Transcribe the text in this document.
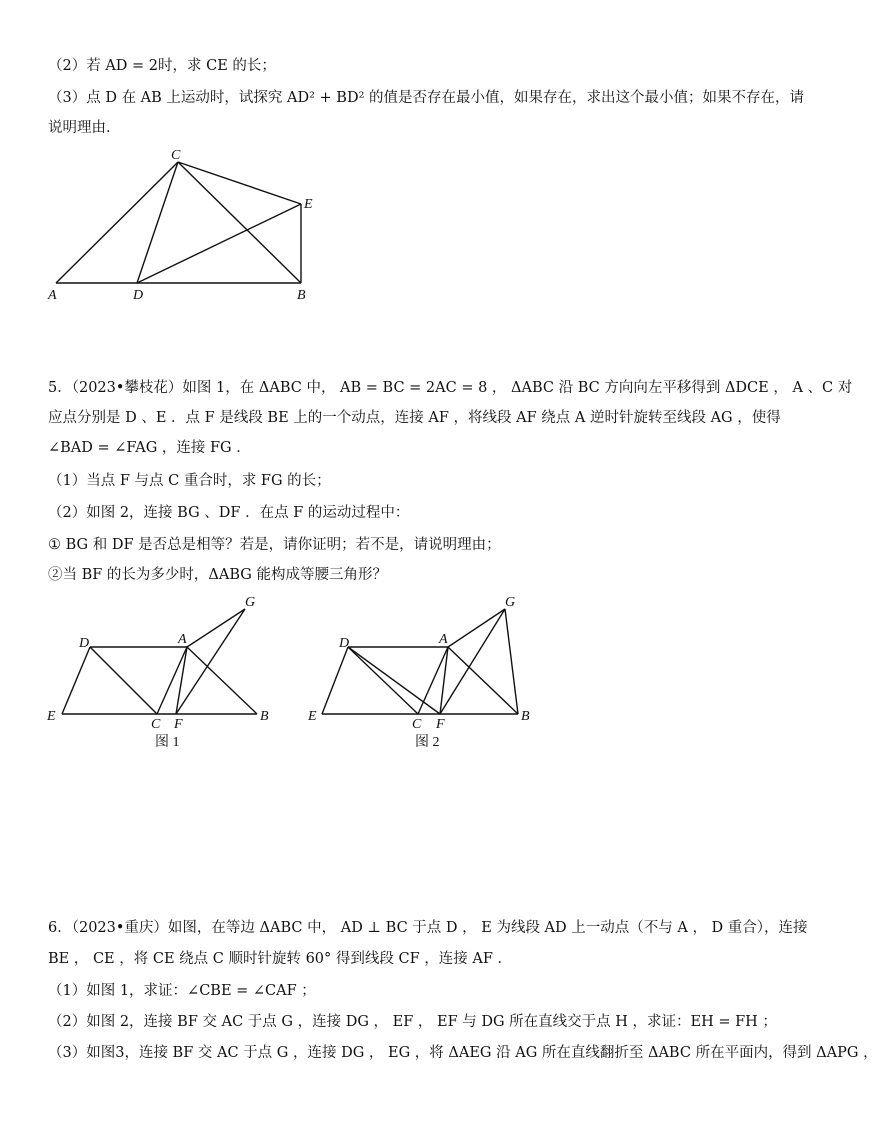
（2）若 AD = 2时，求 CE 的长；
（3）点 D 在 AB 上运动时，试探究 AD² + BD² 的值是否存在最小值，如果存在，求出这个最小值；如果不存在，请
说明理由．
C
E
A	D	B
5．（2023•攀枝花）如图 1，在 ΔABC 中， AB = BC = 2AC = 8 ， ΔABC 沿 BC 方向向左平移得到 ΔDCE ， A 、C 对
应点分别是 D 、E ．点 F 是线段 BE 上的一个动点，连接 AF ，将线段 AF 绕点 A 逆时针旋转至线段 AG ，使得
∠BAD = ∠FAG ，连接 FG ．
（1）当点 F 与点 C 重合时，求 FG 的长；
（2）如图 2，连接 BG 、DF ．在点 F 的运动过程中：
① BG 和 DF 是否总是相等？若是，请你证明；若不是，请说明理由；
②当 BF 的长为多少时，ΔABG 能构成等腰三角形？
D	A
G
E
C F
B
图 1
D	A
G
E
C F
B
图 2
6．（2023•重庆）如图，在等边 ΔABC 中， AD ⊥ BC 于点 D ， E 为线段 AD 上一动点（不与 A ， D 重合），连接
BE ， CE ，将 CE 绕点 C 顺时针旋转 60° 得到线段 CF ，连接 AF ．
（1）如图 1，求证：∠CBE = ∠CAF ；
（2）如图 2，连接 BF 交 AC 于点 G ，连接 DG ， EF ， EF 与 DG 所在直线交于点 H ，求证：EH = FH ；
（3）如图3，连接 BF 交 AC 于点 G ，连接 DG ， EG ，将 ΔAEG 沿 AG 所在直线翻折至 ΔABC 所在平面内，得到 ΔAPG ，
